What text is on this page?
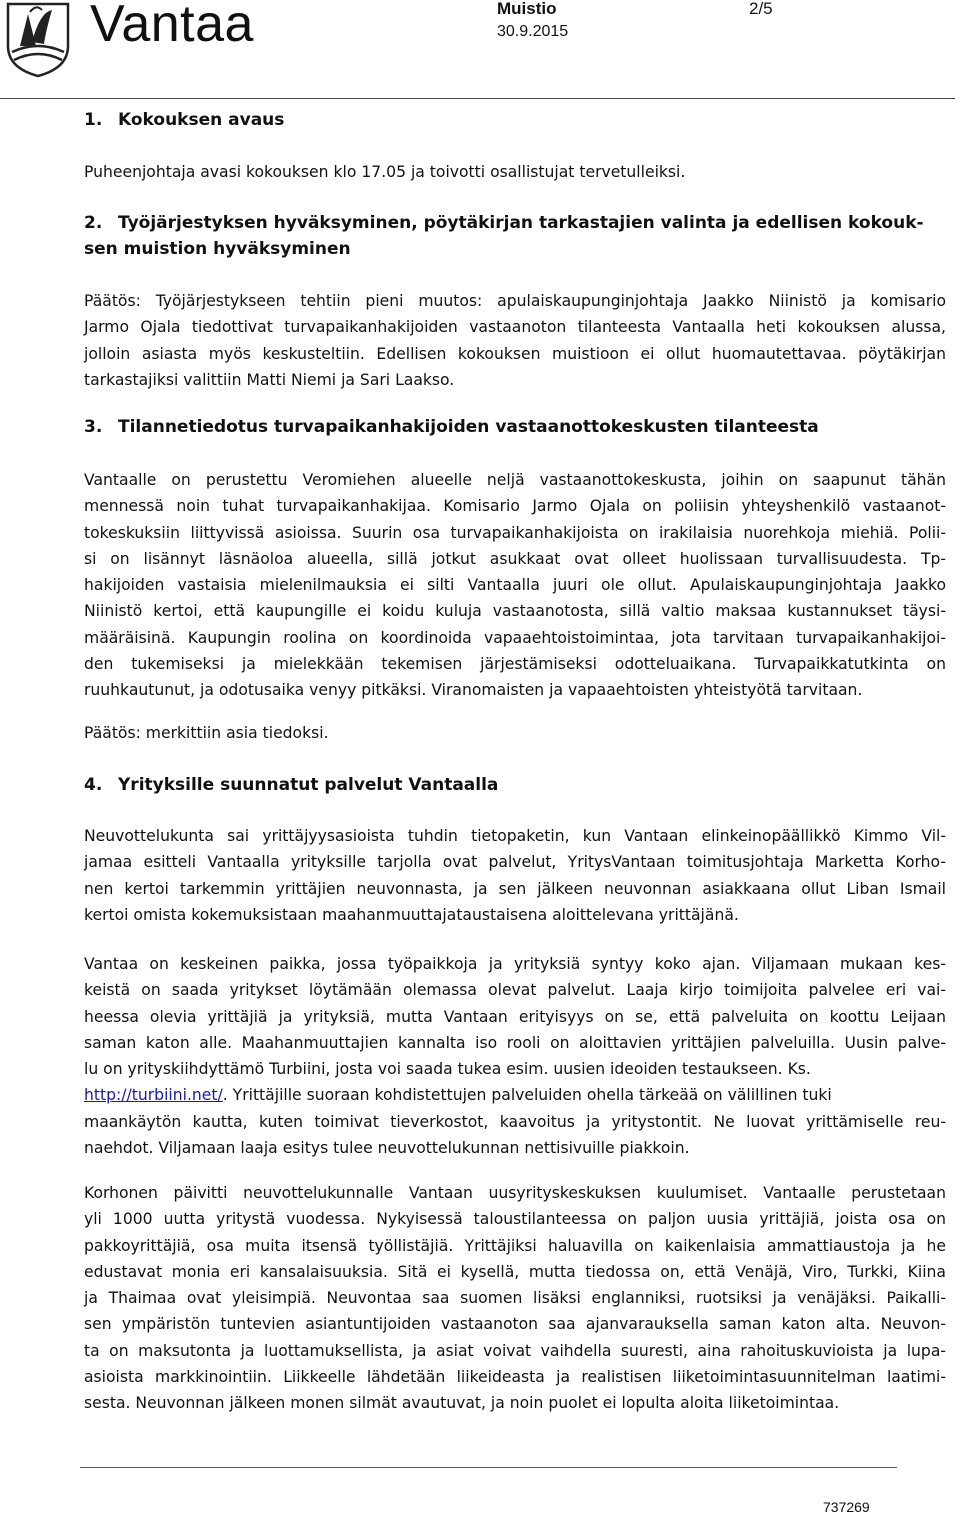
Vantaa	Muistio
30.9.2015
2/5
1. Kokouksen avaus
Puheenjohtaja avasi kokouksen klo 17.05 ja toivotti osallistujat tervetulleiksi.
2. Työjärjestyksen hyväksyminen, pöytäkirjan tarkastajien valinta ja edellisen kokouk-
sen muistion hyväksyminen
Päätös: Työjärjestykseen tehtiin pieni muutos: apulaiskaupunginjohtaja Jaakko Niinistö ja komisario
Jarmo Ojala tiedottivat turvapaikanhakijoiden vastaanoton tilanteesta Vantaalla heti kokouksen alussa,
jolloin asiasta myös keskusteltiin. Edellisen kokouksen muistioon ei ollut huomautettavaa. pöytäkirjan
tarkastajiksi valittiin Matti Niemi ja Sari Laakso.
3. Tilannetiedotus turvapaikanhakijoiden vastaanottokeskusten tilanteesta
Vantaalle on perustettu Veromiehen alueelle neljä vastaanottokeskusta, joihin on saapunut tähän
mennessä noin tuhat turvapaikanhakijaa. Komisario Jarmo Ojala on poliisin yhteyshenkilö vastaanot-
tokeskuksiin liittyvissä asioissa. Suurin osa turvapaikanhakijoista on irakilaisia nuorehkoja miehiä. Polii-
si on lisännyt läsnäoloa alueella, sillä jotkut asukkaat ovat olleet huolissaan turvallisuudesta. Tp-
hakijoiden vastaisia mielenilmauksia ei silti Vantaalla juuri ole ollut. Apulaiskaupunginjohtaja Jaakko
Niinistö kertoi, että kaupungille ei koidu kuluja vastaanotosta, sillä valtio maksaa kustannukset täysi-
määräisinä. Kaupungin roolina on koordinoida vapaaehtoistoimintaa, jota tarvitaan turvapaikanhakijoi-
den tukemiseksi ja mielekkään tekemisen järjestämiseksi odotteluaikana. Turvapaikkatutkinta on
ruuhkautunut, ja odotusaika venyy pitkäksi. Viranomaisten ja vapaaehtoisten yhteistyötä tarvitaan.
Päätös: merkittiin asia tiedoksi.
4. Yrityksille suunnatut palvelut Vantaalla
Neuvottelukunta sai yrittäjyysasioista tuhdin tietopaketin, kun Vantaan elinkeinopäällikkö Kimmo Vil-
jamaa esitteli Vantaalla yrityksille tarjolla ovat palvelut, YritysVantaan toimitusjohtaja Marketta Korho-
nen kertoi tarkemmin yrittäjien neuvonnasta, ja sen jälkeen neuvonnan asiakkaana ollut Liban Ismail
kertoi omista kokemuksistaan maahanmuuttajataustaisena aloittelevana yrittäjänä.
Vantaa on keskeinen paikka, jossa työpaikkoja ja yrityksiä syntyy koko ajan. Viljamaan mukaan kes-
keistä on saada yritykset löytämään olemassa olevat palvelut. Laaja kirjo toimijoita palvelee eri vai-
heessa olevia yrittäjiä ja yrityksiä, mutta Vantaan erityisyys on se, että palveluita on koottu Leijaan
saman katon alle. Maahanmuuttajien kannalta iso rooli on aloittavien yrittäjien palveluilla. Uusin palve-
lu on yrityskiihdyttämö Turbiini, josta voi saada tukea esim. uusien ideoiden testaukseen. Ks.
http://turbiini.net/. Yrittäjille suoraan kohdistettujen palveluiden ohella tärkeää on välillinen tuki
maankäytön kautta, kuten toimivat tieverkostot, kaavoitus ja yritystontit. Ne luovat yrittämiselle reu-
naehdot. Viljamaan laaja esitys tulee neuvottelukunnan nettisivuille piakkoin.
Korhonen päivitti neuvottelukunnalle Vantaan uusyrityskeskuksen kuulumiset. Vantaalle perustetaan
yli 1000 uutta yritystä vuodessa. Nykyisessä taloustilanteessa on paljon uusia yrittäjiä, joista osa on
pakkoyrittäjiä, osa muita itsensä työllistäjiä. Yrittäjiksi haluavilla on kaikenlaisia ammattiaustoja ja he
edustavat monia eri kansalaisuuksia. Sitä ei kysellä, mutta tiedossa on, että Venäjä, Viro, Turkki, Kiina
ja Thaimaa ovat yleisimpiä. Neuvontaa saa suomen lisäksi englanniksi, ruotsiksi ja venäjäksi. Paikalli-
sen ympäristön tuntevien asiantuntijoiden vastaanoton saa ajanvarauksella saman katon alta. Neuvon-
ta on maksutonta ja luottamuksellista, ja asiat voivat vaihdella suuresti, aina rahoituskuvioista ja lupa-
asioista markkinointiin. Liikkeelle lähdetään liikeideasta ja realistisen liiketoimintasuunnitelman laatimi-
sesta. Neuvonnan jälkeen monen silmät avautuvat, ja noin puolet ei lopulta aloita liiketoimintaa.
737269
